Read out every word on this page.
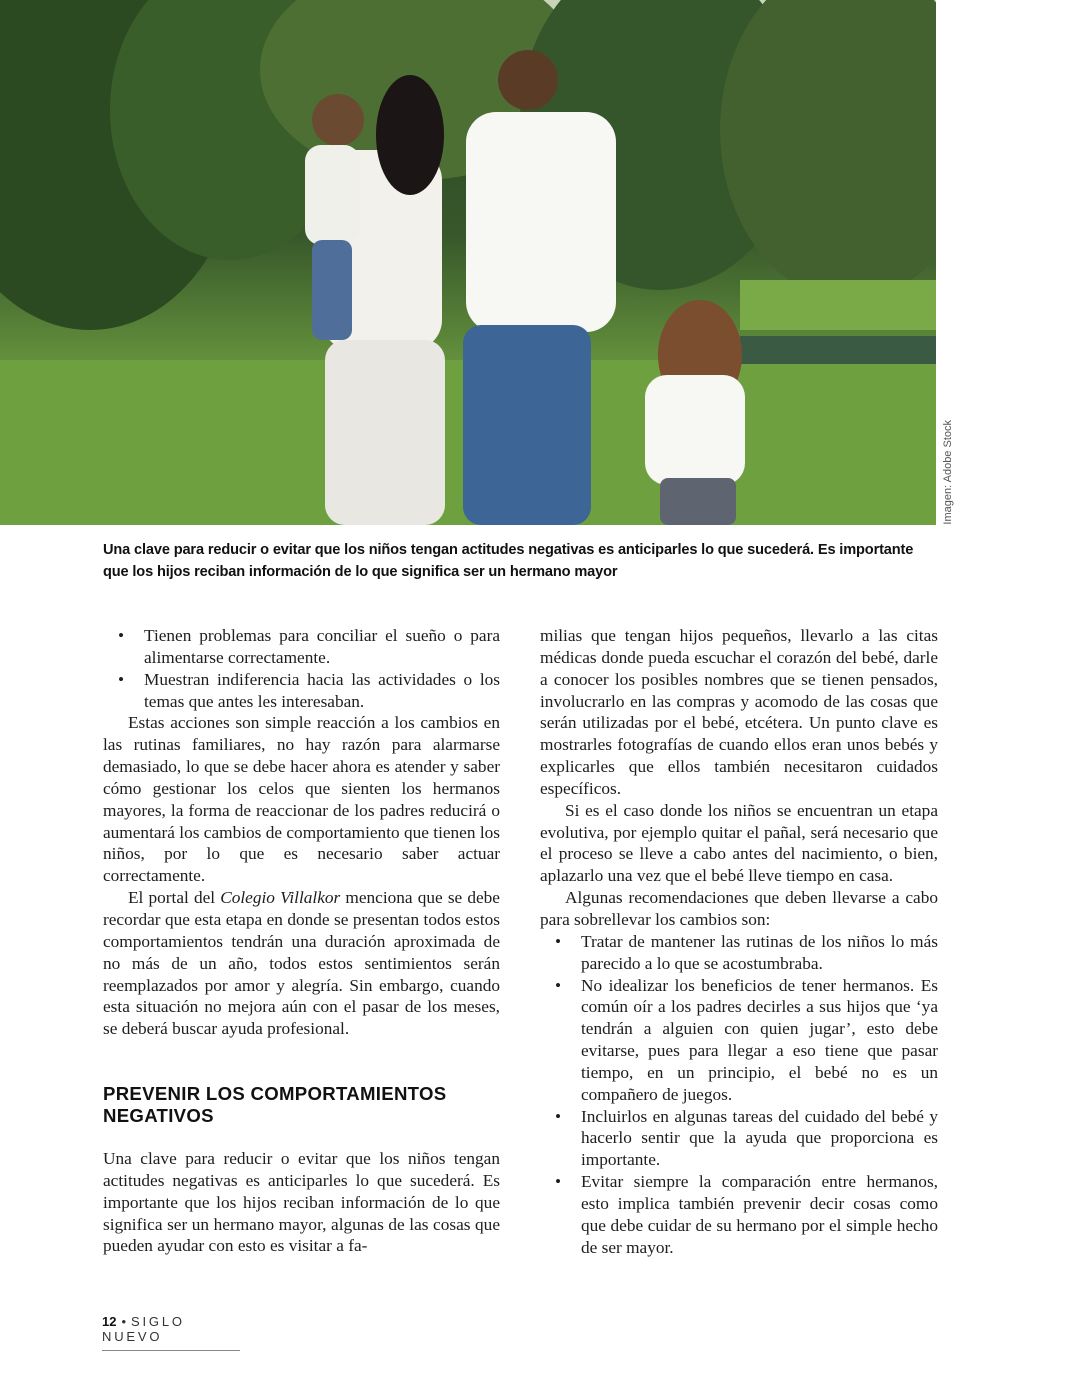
Imagen: Adobe Stock
Una clave para reducir o evitar que los niños tengan actitudes negativas es anticiparles lo que sucederá. Es importante que los hijos reciban información de lo que significa ser un hermano mayor
• Tienen problemas para conciliar el sueño o para alimentarse correctamente.
• Muestran indiferencia hacia las actividades o los temas que antes les interesaban.

Estas acciones son simple reacción a los cambios en las rutinas familiares, no hay razón para alarmarse demasiado, lo que se debe hacer ahora es atender y saber cómo gestionar los celos que sienten los hermanos mayores, la forma de reaccionar de los padres reducirá o aumentará los cambios de comportamiento que tienen los niños, por lo que es necesario saber actuar correctamente.

El portal del Colegio Villalkor menciona que se debe recordar que esta etapa en donde se presentan todos estos comportamientos tendrán una duración aproximada de no más de un año, todos estos sentimientos serán reemplazados por amor y alegría. Sin embargo, cuando esta situación no mejora aún con el pasar de los meses, se deberá buscar ayuda profesional.

PREVENIR LOS COMPORTAMIENTOS NEGATIVOS

Una clave para reducir o evitar que los niños tengan actitudes negativas es anticiparles lo que sucederá. Es importante que los hijos reciban información de lo que significa ser un hermano mayor, algunas de las cosas que pueden ayudar con esto es visitar a fa-

milias que tengan hijos pequeños, llevarlo a las citas médicas donde pueda escuchar el corazón del bebé, darle a conocer los posibles nombres que se tienen pensados, involucrarlo en las compras y acomodo de las cosas que serán utilizadas por el bebé, etcétera. Un punto clave es mostrarles fotografías de cuando ellos eran unos bebés y explicarles que ellos también necesitaron cuidados específicos.

Si es el caso donde los niños se encuentran un etapa evolutiva, por ejemplo quitar el pañal, será necesario que el proceso se lleve a cabo antes del nacimiento, o bien, aplazarlo una vez que el bebé lleve tiempo en casa.

Algunas recomendaciones que deben llevarse a cabo para sobrellevar los cambios son:

• Tratar de mantener las rutinas de los niños lo más parecido a lo que se acostumbraba.
• No idealizar los beneficios de tener hermanos. Es común oír a los padres decirles a sus hijos que ‘ya tendrán a alguien con quien jugar’, esto debe evitarse, pues para llegar a eso tiene que pasar tiempo, en un principio, el bebé no es un compañero de juegos.
• Incluirlos en algunas tareas del cuidado del bebé y hacerlo sentir que la ayuda que proporciona es importante.
• Evitar siempre la comparación entre hermanos, esto implica también prevenir decir cosas como que debe cuidar de su hermano por el simple hecho de ser mayor.
12 • SIGLO NUEVO
